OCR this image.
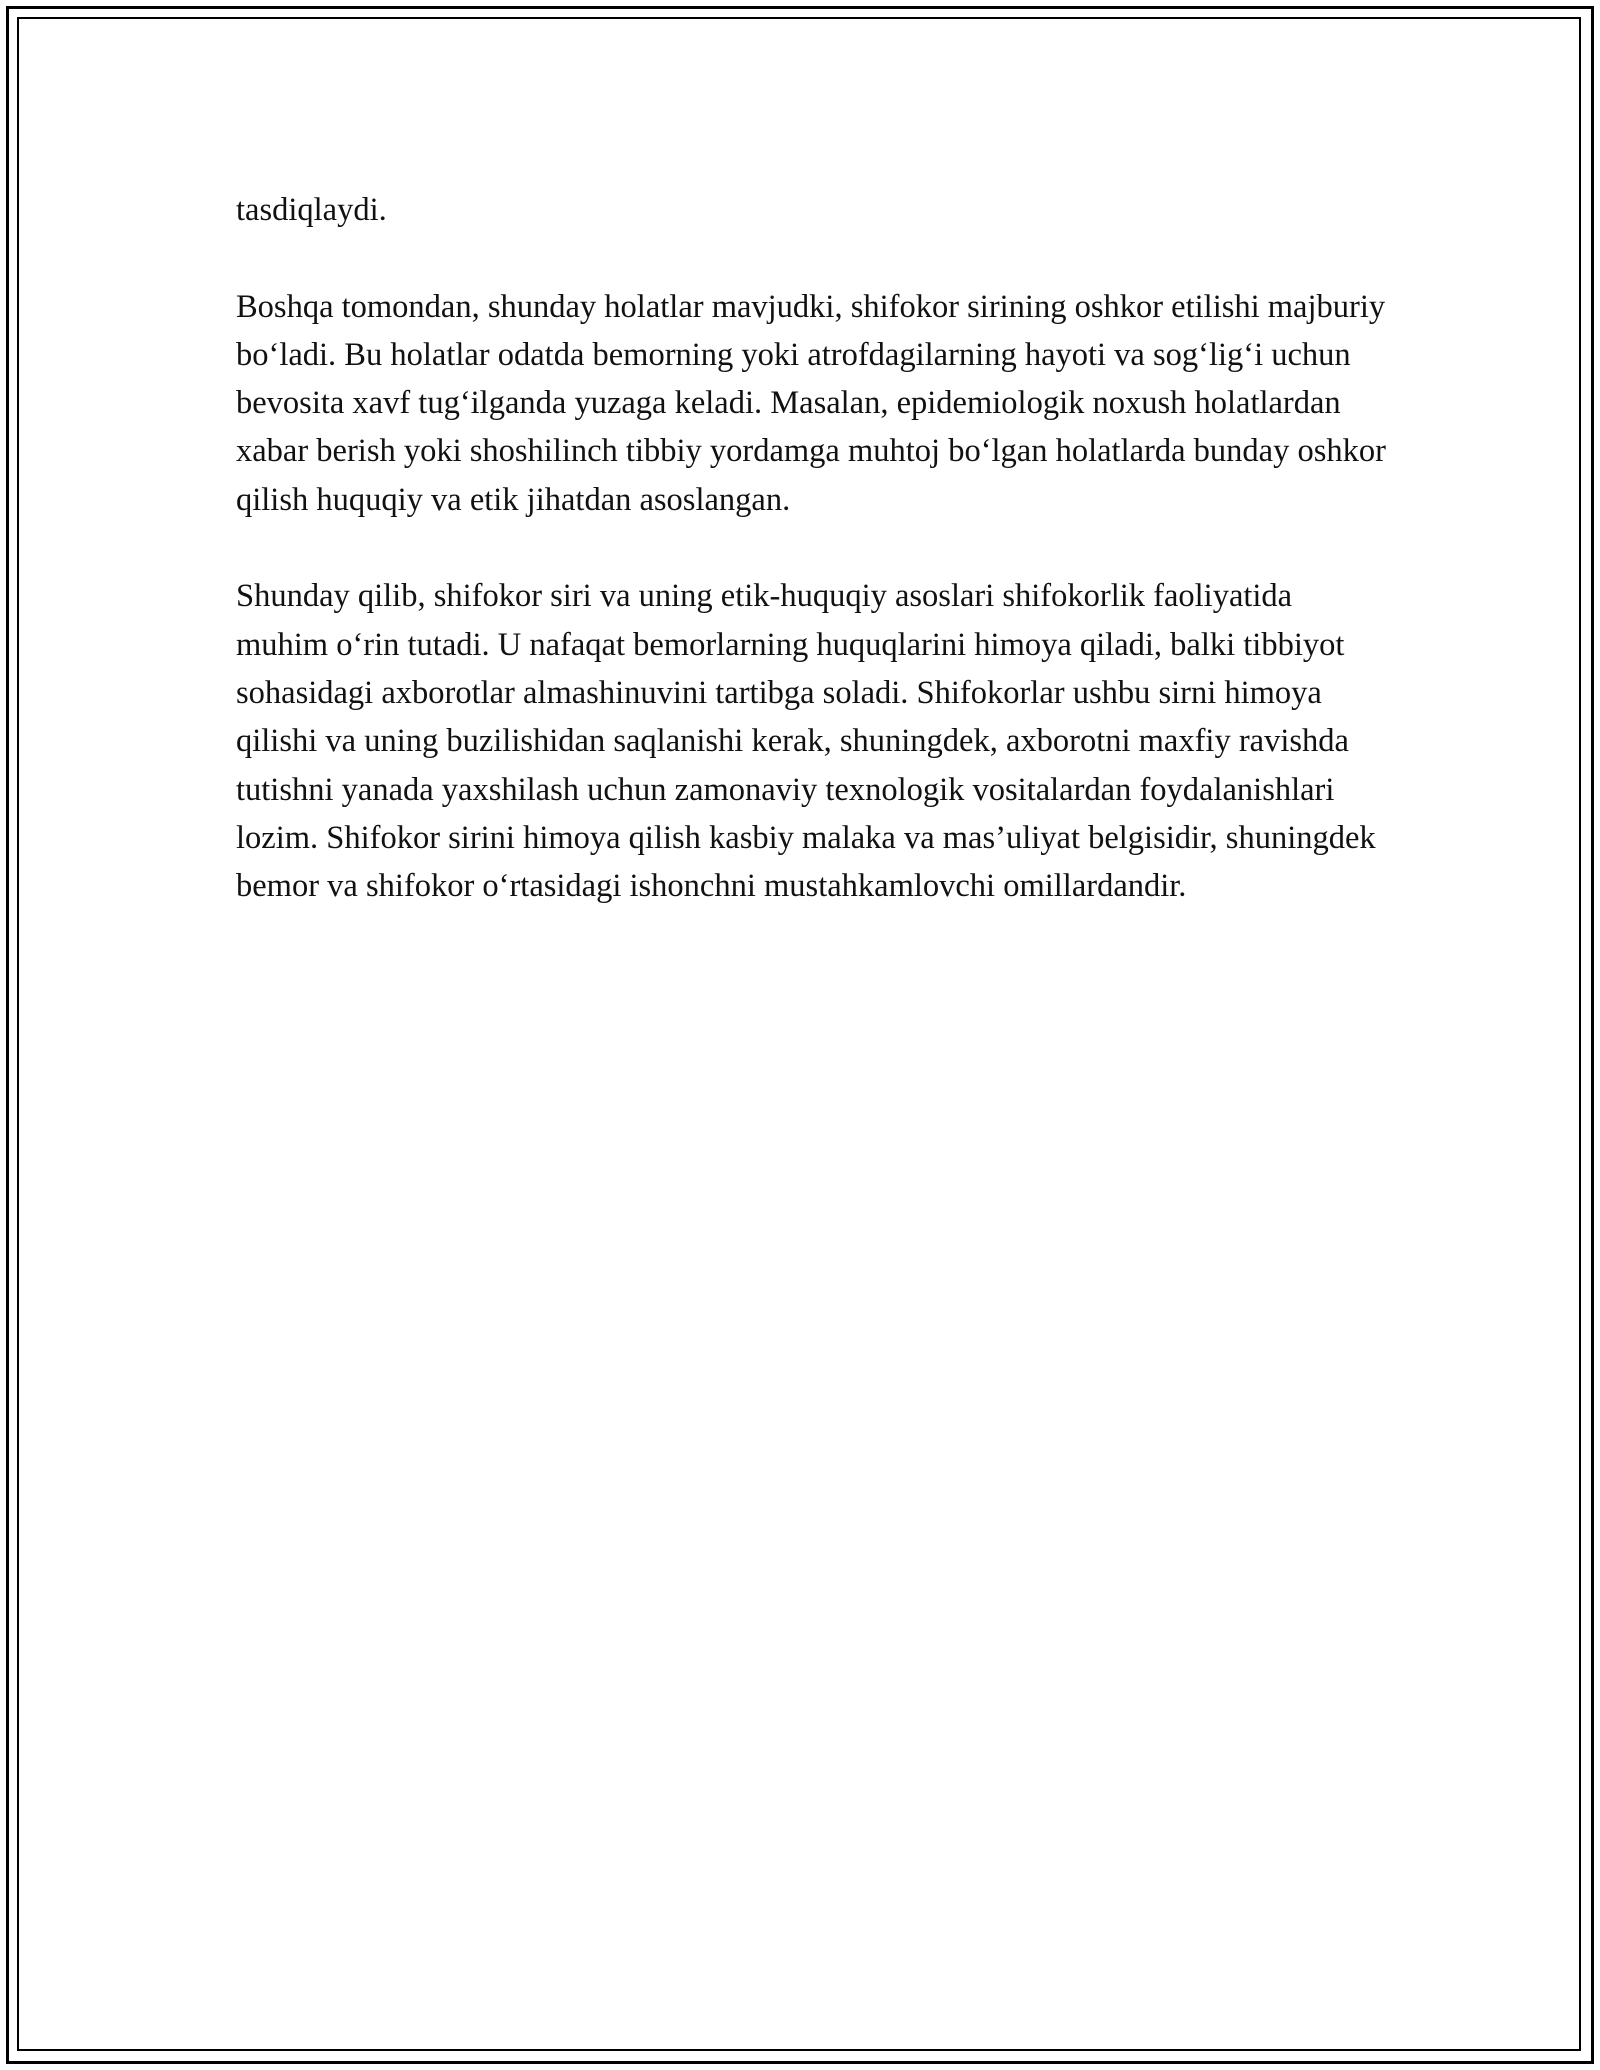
tasdiqlaydi.

Boshqa tomondan, shunday holatlar mavjudki, shifokor sirining oshkor etilishi majburiy bo‘ladi. Bu holatlar odatda bemorning yoki atrofdagilarning hayoti va sog‘lig‘i uchun bevosita xavf tug‘ilganda yuzaga keladi. Masalan, epidemiologik noxush holatlardan xabar berish yoki shoshilinch tibbiy yordamga muhtoj bo‘lgan holatlarda bunday oshkor qilish huquqiy va etik jihatdan asoslangan.

Shunday qilib, shifokor siri va uning etik-huquqiy asoslari shifokorlik faoliyatida muhim o‘rin tutadi. U nafaqat bemorlarning huquqlarini himoya qiladi, balki tibbiyot sohasidagi axborotlar almashinuvini tartibga soladi. Shifokorlar ushbu sirni himoya qilishi va uning buzilishidan saqlanishi kerak, shuningdek, axborotni maxfiy ravishda tutishni yanada yaxshilash uchun zamonaviy texnologik vositalardan foydalanishlari lozim. Shifokor sirini himoya qilish kasbiy malaka va mas’uliyat belgisidir, shuningdek bemor va shifokor o‘rtasidagi ishonchni mustahkamlovchi omillardandir.
